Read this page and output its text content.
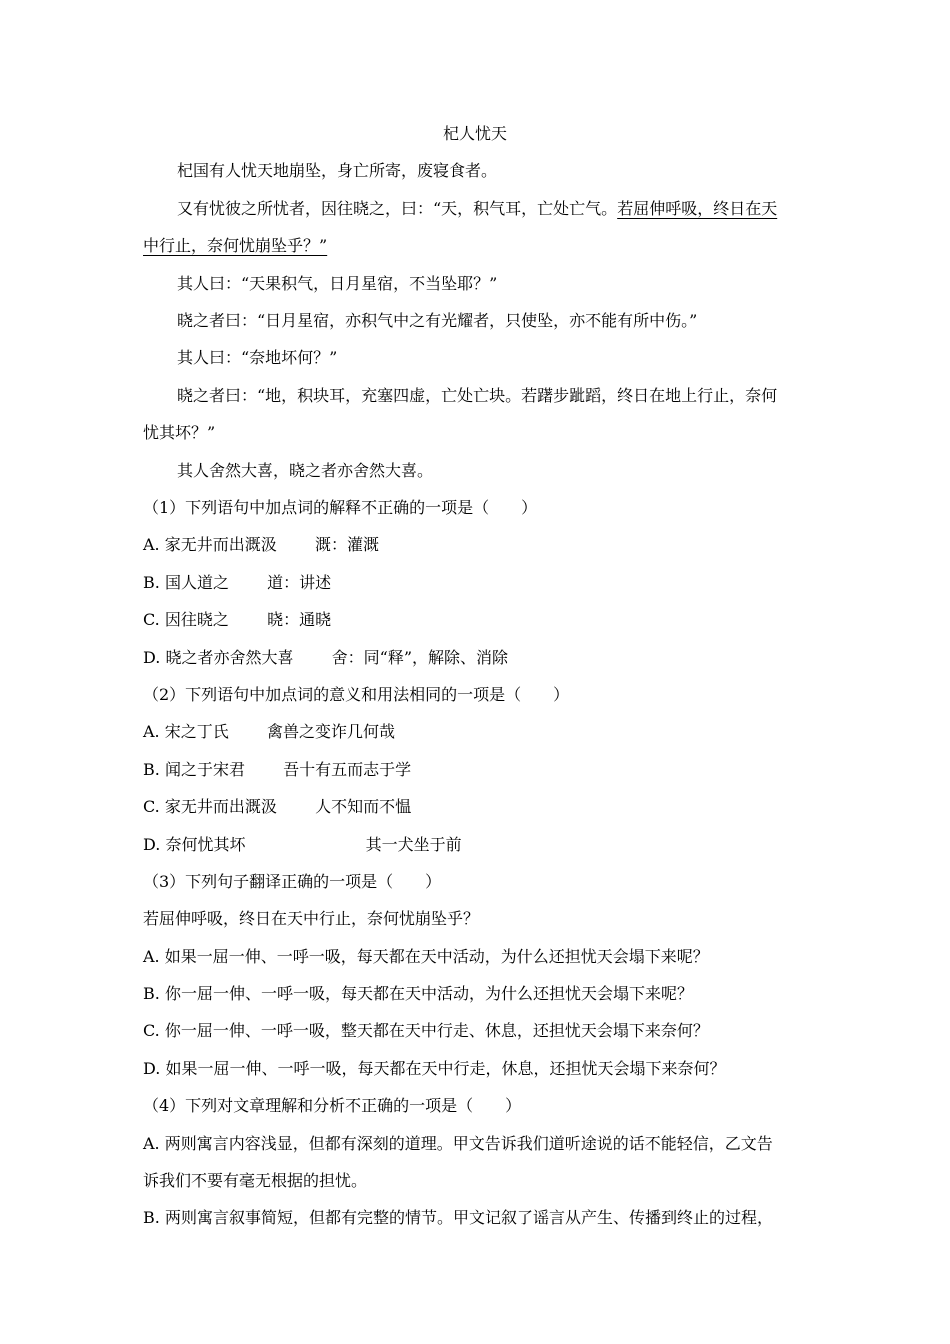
杞人忧天
杞国有人忧天地崩坠，身亡所寄，废寝食者。
又有忧彼之所忧者，因往晓之，曰：“天，积气耳，亡处亡气。若屈伸呼吸，终日在天
中行止，奈何忧崩坠乎？”
其人曰：“天果积气，日月星宿，不当坠耶？”
晓之者曰：“日月星宿，亦积气中之有光耀者，只使坠，亦不能有所中伤。”
其人曰：“奈地坏何？”
晓之者曰：“地，积块耳，充塞四虚，亡处亡块。若躇步跐蹈，终日在地上行止，奈何
忧其坏？”
其人舍然大喜，晓之者亦舍然大喜。
（1）下列语句中加点词的解释不正确的一项是（　　）
A. 家无井而出溉汲 溉：灌溉
B. 国人道之 道：讲述
C. 因往晓之 晓：通晓
D. 晓之者亦舍然大喜 舍：同“释”，解除、消除
（2）下列语句中加点词的意义和用法相同的一项是（　　）
A. 宋之丁氏 禽兽之变诈几何哉
B. 闻之于宋君 吾十有五而志于学
C. 家无井而出溉汲 人不知而不愠
D. 奈何忧其坏	其一犬坐于前
（3）下列句子翻译正确的一项是（　　）
若屈伸呼吸，终日在天中行止，奈何忧崩坠乎？
A. 如果一屈一伸、一呼一吸，每天都在天中活动，为什么还担忧天会塌下来呢？
B. 你一屈一伸、一呼一吸，每天都在天中活动，为什么还担忧天会塌下来呢？
C. 你一屈一伸、一呼一吸，整天都在天中行走、休息，还担忧天会塌下来奈何？
D. 如果一屈一伸、一呼一吸，每天都在天中行走，休息，还担忧天会塌下来奈何？
（4）下列对文章理解和分析不正确的一项是（　　）
A. 两则寓言内容浅显，但都有深刻的道理。甲文告诉我们道听途说的话不能轻信，乙文告
诉我们不要有毫无根据的担忧。
B. 两则寓言叙事简短，但都有完整的情节。甲文记叙了谣言从产生、传播到终止的过程，
